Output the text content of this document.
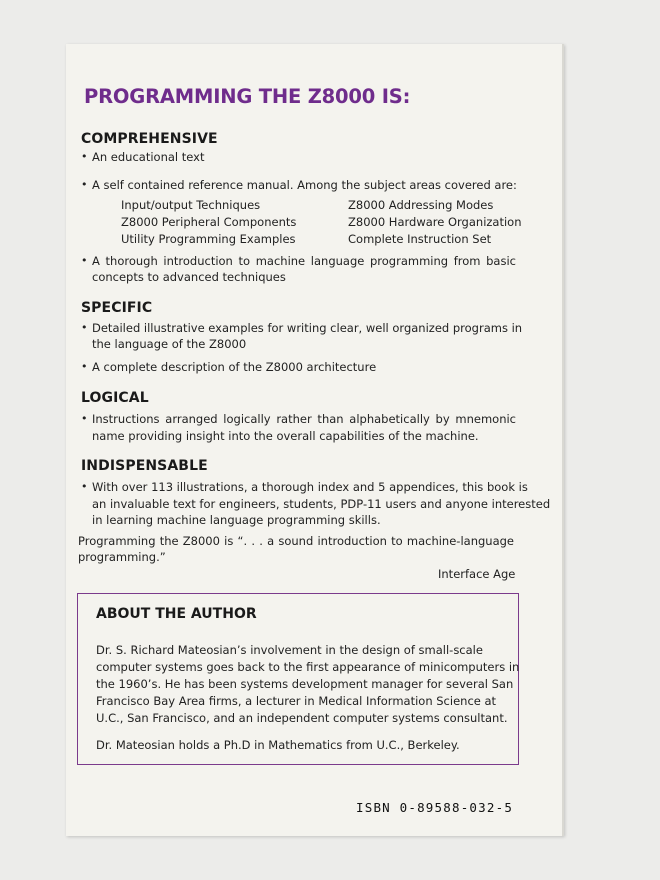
PROGRAMMING THE Z8000 IS:
COMPREHENSIVE
• An educational text
• A self contained reference manual. Among the subject areas covered are:
Input/output Techniques
Z8000 Peripheral Components
Utility Programming Examples
Z8000 Addressing Modes
Z8000 Hardware Organization
Complete Instruction Set
• A thorough introduction to machine language programming from basic
concepts to advanced techniques
SPECIFIC
• Detailed illustrative examples for writing clear, well organized programs in
the language of the Z8000
• A complete description of the Z8000 architecture
LOGICAL
• Instructions arranged logically rather than alphabetically by mnemonic
name providing insight into the overall capabilities of the machine.
INDISPENSABLE
• With over 113 illustrations, a thorough index and 5 appendices, this book is
an invaluable text for engineers, students, PDP-11 users and anyone interested
in learning machine language programming skills.
Programming the Z8000 is “. . . a sound introduction to machine-language
programming.”
Interface Age
ABOUT THE AUTHOR
Dr. S. Richard Mateosian’s involvement in the design of small-scale
computer systems goes back to the first appearance of minicomputers in
the 1960’s. He has been systems development manager for several San
Francisco Bay Area firms, a lecturer in Medical Information Science at
U.C., San Francisco, and an independent computer systems consultant.
Dr. Mateosian holds a Ph.D in Mathematics from U.C., Berkeley.
ISBN 0-89588-032-5
